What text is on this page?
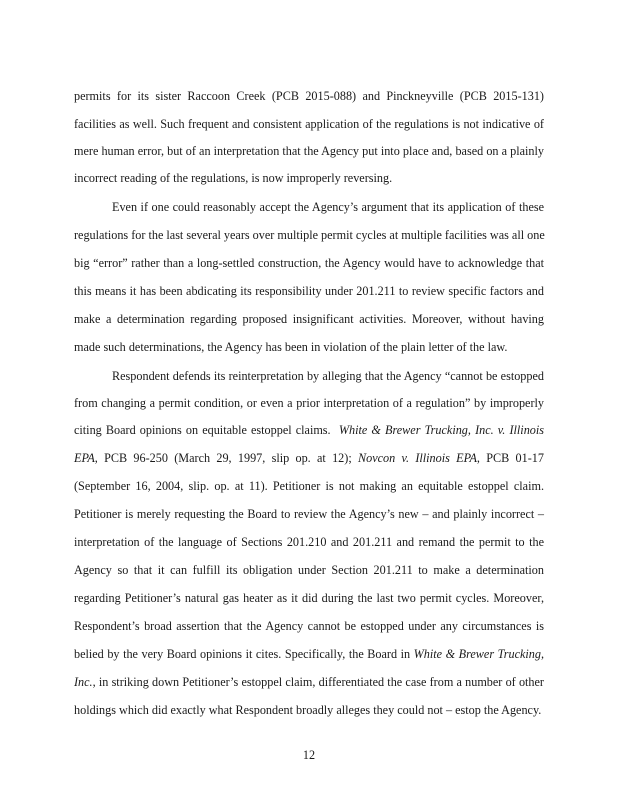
permits for its sister Raccoon Creek (PCB 2015-088) and Pinckneyville (PCB 2015-131)
facilities as well. Such frequent and consistent application of the regulations is not indicative of
mere human error, but of an interpretation that the Agency put into place and, based on a plainly
incorrect reading of the regulations, is now improperly reversing.
Even if one could reasonably accept the Agency’s argument that its application of these
regulations for the last several years over multiple permit cycles at multiple facilities was all one
big “error” rather than a long-settled construction, the Agency would have to acknowledge that
this means it has been abdicating its responsibility under 201.211 to review specific factors and
make a determination regarding proposed insignificant activities. Moreover, without having
made such determinations, the Agency has been in violation of the plain letter of the law.
Respondent defends its reinterpretation by alleging that the Agency “cannot be estopped
from changing a permit condition, or even a prior interpretation of a regulation” by improperly
citing Board opinions on equitable estoppel claims. White & Brewer Trucking, Inc. v. Illinois
EPA, PCB 96-250 (March 29, 1997, slip op. at 12); Novcon v. Illinois EPA, PCB 01-17
(September 16, 2004, slip. op. at 11). Petitioner is not making an equitable estoppel claim.
Petitioner is merely requesting the Board to review the Agency’s new – and plainly incorrect –
interpretation of the language of Sections 201.210 and 201.211 and remand the permit to the
Agency so that it can fulfill its obligation under Section 201.211 to make a determination
regarding Petitioner’s natural gas heater as it did during the last two permit cycles. Moreover,
Respondent’s broad assertion that the Agency cannot be estopped under any circumstances is
belied by the very Board opinions it cites. Specifically, the Board in White & Brewer Trucking,
Inc., in striking down Petitioner’s estoppel claim, differentiated the case from a number of other
holdings which did exactly what Respondent broadly alleges they could not – estop the Agency.
12
